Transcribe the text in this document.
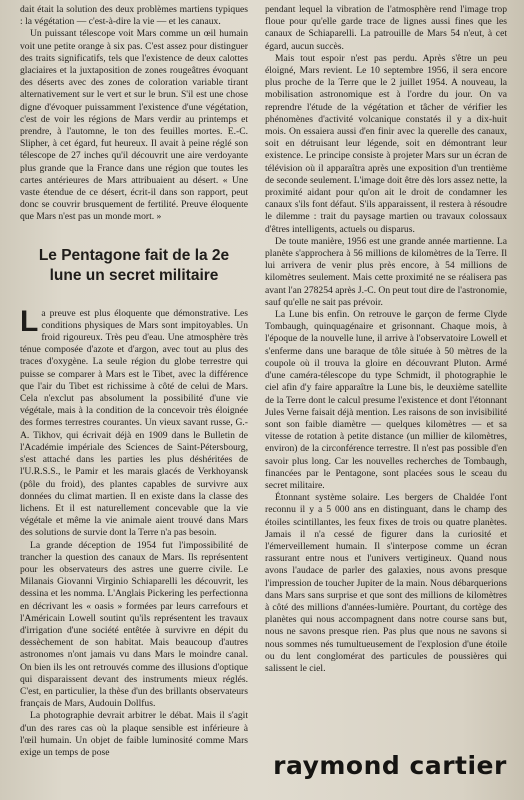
dait était la solution des deux problèmes martiens typiques : la végétation — c'est-à-dire la vie — et les canaux.

Un puissant télescope voit Mars comme un œil humain voit une petite orange à six pas. C'est assez pour distinguer des traits significatifs, tels que l'existence de deux calottes glaciaires et la juxtaposition de zones rougeâtres évoquant des déserts avec des zones de coloration variable tirant alternativement sur le vert et sur le brun. S'il est une chose digne d'évoquer puissamment l'existence d'une végétation, c'est de voir les régions de Mars verdir au printemps et prendre, à l'automne, le ton des feuilles mortes. E.-C. Slipher, à cet égard, fut heureux. Il avait à peine réglé son télescope de 27 inches qu'il découvrit une aire verdoyante plus grande que la France dans une région que toutes les cartes antérieures de Mars attribuaient au désert. « Une vaste étendue de ce désert, écrit-il dans son rapport, peut donc se couvrir brusquement de fertilité. Preuve éloquente que Mars n'est pas un monde mort. »

Le Pentagone fait de la 2e lune un secret militaire

La preuve est plus éloquente que démonstrative. Les conditions physiques de Mars sont impitoyables. Un froid rigoureux. Très peu d'eau. Une atmosphère très ténue composée d'azote et d'argon, avec tout au plus des traces d'oxygène. La seule région du globe terrestre qui puisse se comparer à Mars est le Tibet, avec la différence que l'air du Tibet est richissime à côté de celui de Mars. Cela n'exclut pas absolument la possibilité d'une vie végétale, mais à la condition de la concevoir très éloignée des formes terrestres courantes. Un vieux savant russe, G.-A. Tikhov, qui écrivait déjà en 1909 dans le Bulletin de l'Académie impériale des Sciences de Saint-Pétersbourg, s'est attaché dans les parties les plus déshéritées de l'U.R.S.S., le Pamir et les marais glacés de Verkhoyansk (pôle du froid), des plantes capables de survivre aux données du climat martien. Il en existe dans la classe des lichens. Et il est naturellement concevable que la vie végétale et même la vie animale aient trouvé dans Mars des solutions de survie dont la Terre n'a pas besoin.

La grande déception de 1954 fut l'impossibilité de trancher la question des canaux de Mars. Ils représentent pour les observateurs des astres une guerre civile. Le Milanais Giovanni Virginio Schiaparelli les découvrit, les dessina et les nomma. L'Anglais Pickering les perfectionna en décrivant les « oasis » formées par leurs carrefours et l'Américain Lowell soutint qu'ils représentent les travaux d'irrigation d'une société entêtée à survivre en dépit du dessèchement de son habitat. Mais beaucoup d'autres astronomes n'ont jamais vu dans Mars le moindre canal. On bien ils les ont retrouvés comme des illusions d'optique qui disparaissent devant des instruments mieux réglés. C'est, en particulier, la thèse d'un des brillants observateurs français de Mars, Audouin Dollfus.

La photographie devrait arbitrer le débat. Mais il s'agit d'un des rares cas où la plaque sensible est inférieure à l'œil humain. Un objet de faible luminosité comme Mars exige un temps de pose

pendant lequel la vibration de l'atmosphère rend l'image trop floue pour qu'elle garde trace de lignes aussi fines que les canaux de Schiaparelli. La patrouille de Mars 54 n'eut, à cet égard, aucun succès.

Mais tout espoir n'est pas perdu. Après s'être un peu éloigné, Mars revient. Le 10 septembre 1956, il sera encore plus proche de la Terre que le 2 juillet 1954. A nouveau, la mobilisation astronomique est à l'ordre du jour. On va reprendre l'étude de la végétation et tâcher de vérifier les phénomènes d'activité volcanique constatés il y a dix-huit mois. On essaiera aussi d'en finir avec la querelle des canaux, soit en détruisant leur légende, soit en démontrant leur existence. Le principe consiste à projeter Mars sur un écran de télévision où il apparaîtra après une exposition d'un trentième de seconde seulement. L'image doit être dès lors assez nette, la proximité aidant pour qu'on ait le droit de condamner les canaux s'ils font défaut. S'ils apparaissent, il restera à résoudre le dilemme : trait du paysage martien ou travaux colossaux d'êtres intelligents, actuels ou disparus.

De toute manière, 1956 est une grande année martienne. La planète s'approchera à 56 millions de kilomètres de la Terre. Il lui arrivera de venir plus près encore, à 54 millions de kilomètres seulement. Mais cette proximité ne se réalisera pas avant l'an 278254 après J.-C. On peut tout dire de l'astronomie, sauf qu'elle ne sait pas prévoir.

La Lune bis enfin. On retrouve le garçon de ferme Clyde Tombaugh, quinquagénaire et grisonnant. Chaque mois, à l'époque de la nouvelle lune, il arrive à l'observatoire Lowell et s'enferme dans une baraque de tôle située à 50 mètres de la coupole où il trouva la gloire en découvrant Pluton. Armé d'une caméra-télescope du type Schmidt, il photographie le ciel afin d'y faire apparaître la Lune bis, le deuxième satellite de la Terre dont le calcul presume l'existence et dont l'étonnant Jules Verne faisait déjà mention. Les raisons de son invisibilité sont son faible diamètre — quelques kilomètres — et sa vitesse de rotation à petite distance (un millier de kilomètres, environ) de la circonférence terrestre. Il n'est pas possible d'en savoir plus long. Car les nouvelles recherches de Tombaugh, financées par le Pentagone, sont placées sous le sceau du secret militaire.

Étonnant système solaire. Les bergers de Chaldée l'ont reconnu il y a 5 000 ans en distinguant, dans le champ des étoiles scintillantes, les feux fixes de trois ou quatre planètes. Jamais il n'a cessé de figurer dans la curiosité et l'émerveillement humain. Il s'interpose comme un écran rassurant entre nous et l'univers vertigineux. Quand nous avons l'audace de parler des galaxies, nous avons presque l'impression de toucher Jupiter de la main. Nous débarquerions dans Mars sans surprise et que sont des millions de kilomètres à côté des millions d'années-lumière. Pourtant, du cortège des planètes qui nous accompagnent dans notre course sans but, nous ne savons presque rien. Pas plus que nous ne savons si nous sommes nés tumultueusement de l'explosion d'une étoile ou du lent conglomérat des particules de poussières qui salissent le ciel.

raymond cartier
